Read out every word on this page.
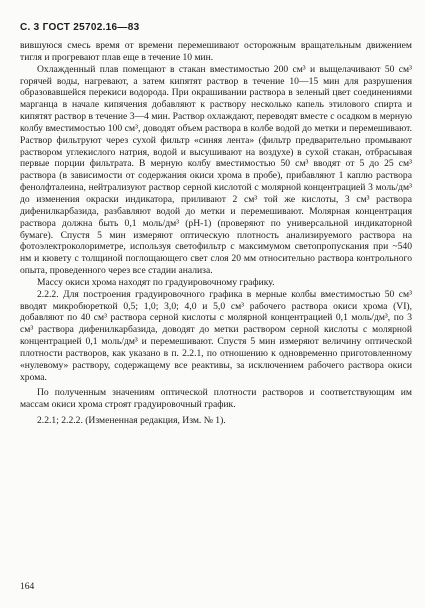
С. 3 ГОСТ 25702.16—83

вившуюся смесь время от времени перемешивают осторожным вращательным движением тигля и прогревают плав еще в течение 10 мин.

Охлажденный плав помещают в стакан вместимостью 200 см³ и выщелачивают 50 см³ горячей воды, нагревают, а затем кипятят раствор в течение 10—15 мин для разрушения образовавшейся перекиси водорода. При окрашивании раствора в зеленый цвет соединениями марганца в начале кипячения добавляют к раствору несколько капель этилового спирта и кипятят раствор в течение 3—4 мин. Раствор охлаждают, переводят вместе с осадком в мерную колбу вместимостью 100 см³, доводят объем раствора в колбе водой до метки и перемешивают. Раствор фильтруют через сухой фильтр «синяя лента» (фильтр предварительно промывают раствором углекислого натрия, водой и высушивают на воздухе) в сухой стакан, отбрасывая первые порции фильтрата. В мерную колбу вместимостью 50 см³ вводят от 5 до 25 см³ раствора (в зависимости от содержания окиси хрома в пробе), прибавляют 1 каплю раствора фенолфталеина, нейтрализуют раствор серной кислотой с молярной концентрацией 3 моль/дм³ до изменения окраски индикатора, приливают 2 см³ той же кислоты, 3 см³ раствора дифенилкарбазида, разбавляют водой до метки и перемешивают. Молярная концентрация раствора должна быть 0,1 моль/дм³ (pH-1) (проверяют по универсальной индикаторной бумаге). Спустя 5 мин измеряют оптическую плотность анализируемого раствора на фотоэлектроколориметре, используя светофильтр с максимумом светопропускания при ~540 нм и кювету с толщиной поглощающего свет слоя 20 мм относительно раствора контрольного опыта, проведенного через все стадии анализа.

Массу окиси хрома находят по градуировочному графику.

2.2.2. Для построения градуировочного графика в мерные колбы вместимостью 50 см³ вводят микробюреткой 0,5; 1,0; 3,0; 4,0 и 5,0 см³ рабочего раствора окиси хрома (VI), добавляют по 40 см³ раствора серной кислоты с молярной концентрацией 0,1 моль/дм³, по 3 см³ раствора дифенилкарбазида, доводят до метки раствором серной кислоты с молярной концентрацией 0,1 моль/дм³ и перемешивают. Спустя 5 мин измеряют величину оптической плотности растворов, как указано в п. 2.2.1, по отношению к одновременно приготовленному «нулевому» раствору, содержащему все реактивы, за исключением рабочего раствора окиси хрома.

По полученным значениям оптической плотности растворов и соответствующим им массам окиси хрома строят градуировочный график.

2.2.1; 2.2.2. (Измененная редакция, Изм. № 1).

164
